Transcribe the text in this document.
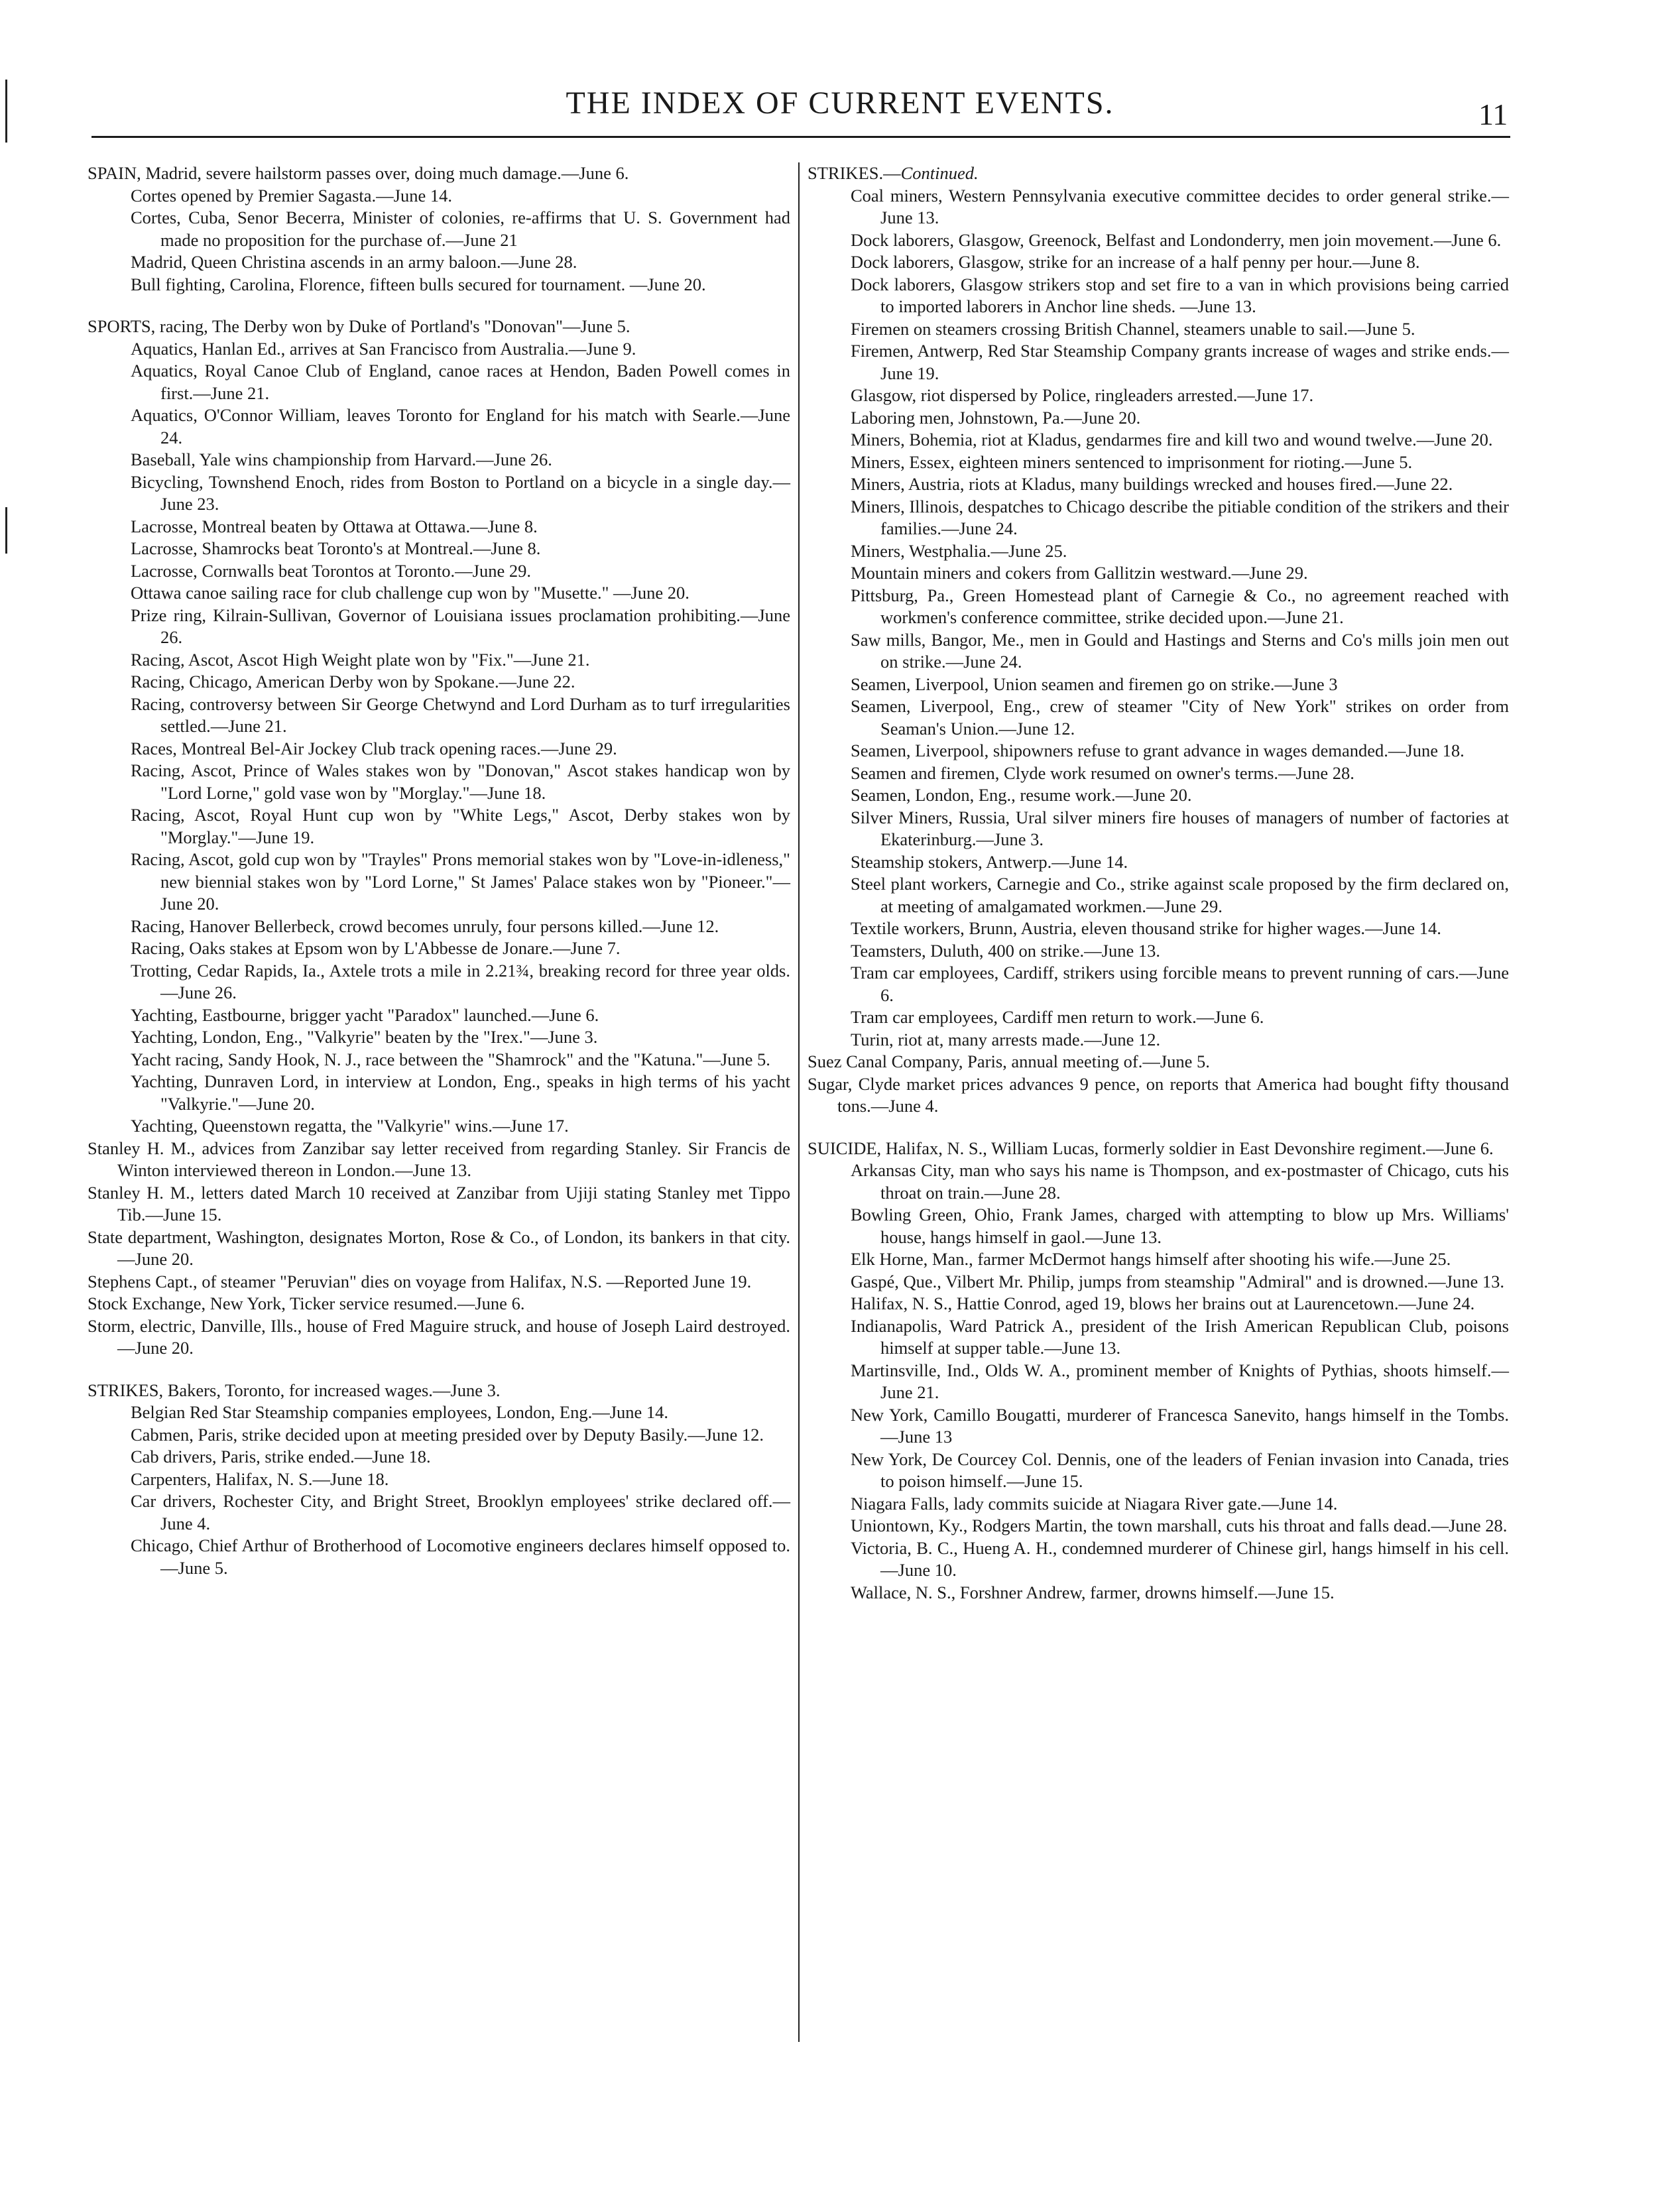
THE INDEX OF CURRENT EVENTS.	11

SPAIN, Madrid, severe hailstorm passes over, doing much damage.—June 6.

Cortes opened by Premier Sagasta.—June 14.

Cortes, Cuba, Senor Becerra, Minister of colonies, re-affirms that U. S. Government had made no proposition for the purchase of.—June 21

Madrid, Queen Christina ascends in an army baloon.—June 28.

Bull fighting, Carolina, Florence, fifteen bulls secured for tournament. —June 20.

SPORTS, racing, The Derby won by Duke of Portland's "Donovan"—June 5.

Aquatics, Hanlan Ed., arrives at San Francisco from Australia.—June 9.

Aquatics, Royal Canoe Club of England, canoe races at Hendon, Baden Powell comes in first.—June 21.

Aquatics, O'Connor William, leaves Toronto for England for his match with Searle.—June 24.

Baseball, Yale wins championship from Harvard.—June 26.

Bicycling, Townshend Enoch, rides from Boston to Portland on a bicycle in a single day.—June 23.

Lacrosse, Montreal beaten by Ottawa at Ottawa.—June 8.

Lacrosse, Shamrocks beat Toronto's at Montreal.—June 8.

Lacrosse, Cornwalls beat Torontos at Toronto.—June 29.

Ottawa canoe sailing race for club challenge cup won by "Musette." —June 20.

Prize ring, Kilrain-Sullivan, Governor of Louisiana issues proclamation prohibiting.—June 26.

Racing, Ascot, Ascot High Weight plate won by "Fix."—June 21.

Racing, Chicago, American Derby won by Spokane.—June 22.

Racing, controversy between Sir George Chetwynd and Lord Durham as to turf irregularities settled.—June 21.

Races, Montreal Bel-Air Jockey Club track opening races.—June 29.

Racing, Ascot, Prince of Wales stakes won by "Donovan," Ascot stakes handicap won by "Lord Lorne," gold vase won by "Morglay."—June 18.

Racing, Ascot, Royal Hunt cup won by "White Legs," Ascot, Derby stakes won by "Morglay."—June 19.

Racing, Ascot, gold cup won by "Trayles" Prons memorial stakes won by "Love-in-idleness," new biennial stakes won by "Lord Lorne," St James' Palace stakes won by "Pioneer."—June 20.

Racing, Hanover Bellerbeck, crowd becomes unruly, four persons killed.—June 12.

Racing, Oaks stakes at Epsom won by L'Abbesse de Jonare.—June 7.

Trotting, Cedar Rapids, Ia., Axtele trots a mile in 2.21¾, breaking record for three year olds.—June 26.

Yachting, Eastbourne, brigger yacht "Paradox" launched.—June 6.

Yachting, London, Eng., "Valkyrie" beaten by the "Irex."—June 3.

Yacht racing, Sandy Hook, N. J., race between the "Shamrock" and the "Katuna."—June 5.

Yachting, Dunraven Lord, in interview at London, Eng., speaks in high terms of his yacht "Valkyrie."—June 20.

Yachting, Queenstown regatta, the "Valkyrie" wins.—June 17.

Stanley H. M., advices from Zanzibar say letter received from regarding Stanley. Sir Francis de Winton interviewed thereon in London.—June 13.

Stanley H. M., letters dated March 10 received at Zanzibar from Ujiji stating Stanley met Tippo Tib.—June 15.

State department, Washington, designates Morton, Rose & Co., of London, its bankers in that city.—June 20.

Stephens Capt., of steamer "Peruvian" dies on voyage from Halifax, N.S. —Reported June 19.

Stock Exchange, New York, Ticker service resumed.—June 6.

Storm, electric, Danville, Ills., house of Fred Maguire struck, and house of Joseph Laird destroyed.—June 20.

STRIKES, Bakers, Toronto, for increased wages.—June 3.

Belgian Red Star Steamship companies employees, London, Eng.—June 14.

Cabmen, Paris, strike decided upon at meeting presided over by Deputy Basily.—June 12.

Cab drivers, Paris, strike ended.—June 18.

Carpenters, Halifax, N. S.—June 18.

Car drivers, Rochester City, and Bright Street, Brooklyn employees' strike declared off.—June 4.

Chicago, Chief Arthur of Brotherhood of Locomotive engineers declares himself opposed to.—June 5.

STRIKES.—Continued.

Coal miners, Western Pennsylvania executive committee decides to order general strike.—June 13.

Dock laborers, Glasgow, Greenock, Belfast and Londonderry, men join movement.—June 6.

Dock laborers, Glasgow, strike for an increase of a half penny per hour.—June 8.

Dock laborers, Glasgow strikers stop and set fire to a van in which provisions being carried to imported laborers in Anchor line sheds. —June 13.

Firemen on steamers crossing British Channel, steamers unable to sail.—June 5.

Firemen, Antwerp, Red Star Steamship Company grants increase of wages and strike ends.—June 19.

Glasgow, riot dispersed by Police, ringleaders arrested.—June 17.

Laboring men, Johnstown, Pa.—June 20.

Miners, Bohemia, riot at Kladus, gendarmes fire and kill two and wound twelve.—June 20.

Miners, Essex, eighteen miners sentenced to imprisonment for rioting.—June 5.

Miners, Austria, riots at Kladus, many buildings wrecked and houses fired.—June 22.

Miners, Illinois, despatches to Chicago describe the pitiable condition of the strikers and their families.—June 24.

Miners, Westphalia.—June 25.

Mountain miners and cokers from Gallitzin westward.—June 29.

Pittsburg, Pa., Green Homestead plant of Carnegie & Co., no agreement reached with workmen's conference committee, strike decided upon.—June 21.

Saw mills, Bangor, Me., men in Gould and Hastings and Sterns and Co's mills join men out on strike.—June 24.

Seamen, Liverpool, Union seamen and firemen go on strike.—June 3

Seamen, Liverpool, Eng., crew of steamer "City of New York" strikes on order from Seaman's Union.—June 12.

Seamen, Liverpool, shipowners refuse to grant advance in wages demanded.—June 18.

Seamen and firemen, Clyde work resumed on owner's terms.—June 28.

Seamen, London, Eng., resume work.—June 20.

Silver Miners, Russia, Ural silver miners fire houses of managers of number of factories at Ekaterinburg.—June 3.

Steamship stokers, Antwerp.—June 14.

Steel plant workers, Carnegie and Co., strike against scale proposed by the firm declared on, at meeting of amalgamated workmen.—June 29.

Textile workers, Brunn, Austria, eleven thousand strike for higher wages.—June 14.

Teamsters, Duluth, 400 on strike.—June 13.

Tram car employees, Cardiff, strikers using forcible means to prevent running of cars.—June 6.

Tram car employees, Cardiff men return to work.—June 6.

Turin, riot at, many arrests made.—June 12.

Suez Canal Company, Paris, annual meeting of.—June 5.

Sugar, Clyde market prices advances 9 pence, on reports that America had bought fifty thousand tons.—June 4.

SUICIDE, Halifax, N. S., William Lucas, formerly soldier in East Devonshire regiment.—June 6.

Arkansas City, man who says his name is Thompson, and ex-postmaster of Chicago, cuts his throat on train.—June 28.

Bowling Green, Ohio, Frank James, charged with attempting to blow up Mrs. Williams' house, hangs himself in gaol.—June 13.

Elk Horne, Man., farmer McDermot hangs himself after shooting his wife.—June 25.

Gaspé, Que., Vilbert Mr. Philip, jumps from steamship "Admiral" and is drowned.—June 13.

Halifax, N. S., Hattie Conrod, aged 19, blows her brains out at Laurencetown.—June 24.

Indianapolis, Ward Patrick A., president of the Irish American Republican Club, poisons himself at supper table.—June 13.

Martinsville, Ind., Olds W. A., prominent member of Knights of Pythias, shoots himself.—June 21.

New York, Camillo Bougatti, murderer of Francesca Sanevito, hangs himself in the Tombs.—June 13

New York, De Courcey Col. Dennis, one of the leaders of Fenian invasion into Canada, tries to poison himself.—June 15.

Niagara Falls, lady commits suicide at Niagara River gate.—June 14.

Uniontown, Ky., Rodgers Martin, the town marshall, cuts his throat and falls dead.—June 28.

Victoria, B. C., Hueng A. H., condemned murderer of Chinese girl, hangs himself in his cell.—June 10.

Wallace, N. S., Forshner Andrew, farmer, drowns himself.—June 15.
